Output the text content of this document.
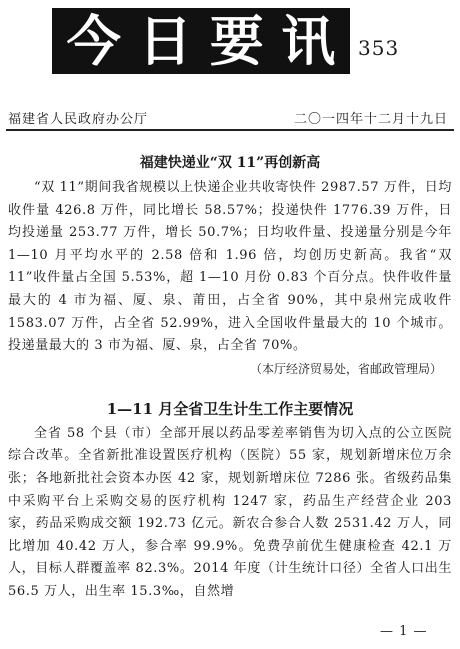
今 日 要 讯 353
福建省人民政府办公厅	二〇一四年十二月十九日
福建快递业“双 11”再创新高

“双 11”期间我省规模以上快递企业共收寄快件 2987.57 万件，日均收件量 426.8 万件，同比增长 58.57%；投递快件 1776.39 万件，日均投递量 253.77 万件，增长 50.7%；日均收件量、投递量分别是今年 1—10 月平均水平的 2.58 倍和 1.96 倍，均创历史新高。我省“双 11”收件量占全国 5.53%，超 1—10 月份 0.83 个百分点。快件收件量最大的 4 市为福、厦、泉、莆田，占全省 90%，其中泉州完成收件 1583.07 万件，占全省 52.99%，进入全国收件量最大的 10 个城市。投递量最大的 3 市为福、厦、泉，占全省 70%。

（本厅经济贸易处，省邮政管理局）

1—11 月全省卫生计生工作主要情况

全省 58 个县（市）全部开展以药品零差率销售为切入点的公立医院综合改革。全省新批准设置医疗机构（医院）55 家，规划新增床位万余张；各地新批社会资本办医 42 家，规划新增床位 7286 张。省级药品集中采购平台上采购交易的医疗机构 1247 家，药品生产经营企业 203 家，药品采购成交额 192.73 亿元。新农合参合人数 2531.42 万人，同比增加 40.42 万人，参合率 99.9%。免费孕前优生健康检查 42.1 万人，目标人群覆盖率 82.3%。2014 年度（计生统计口径）全省人口出生 56.5 万人，出生率 15.3‰，自然增

— 1 —
